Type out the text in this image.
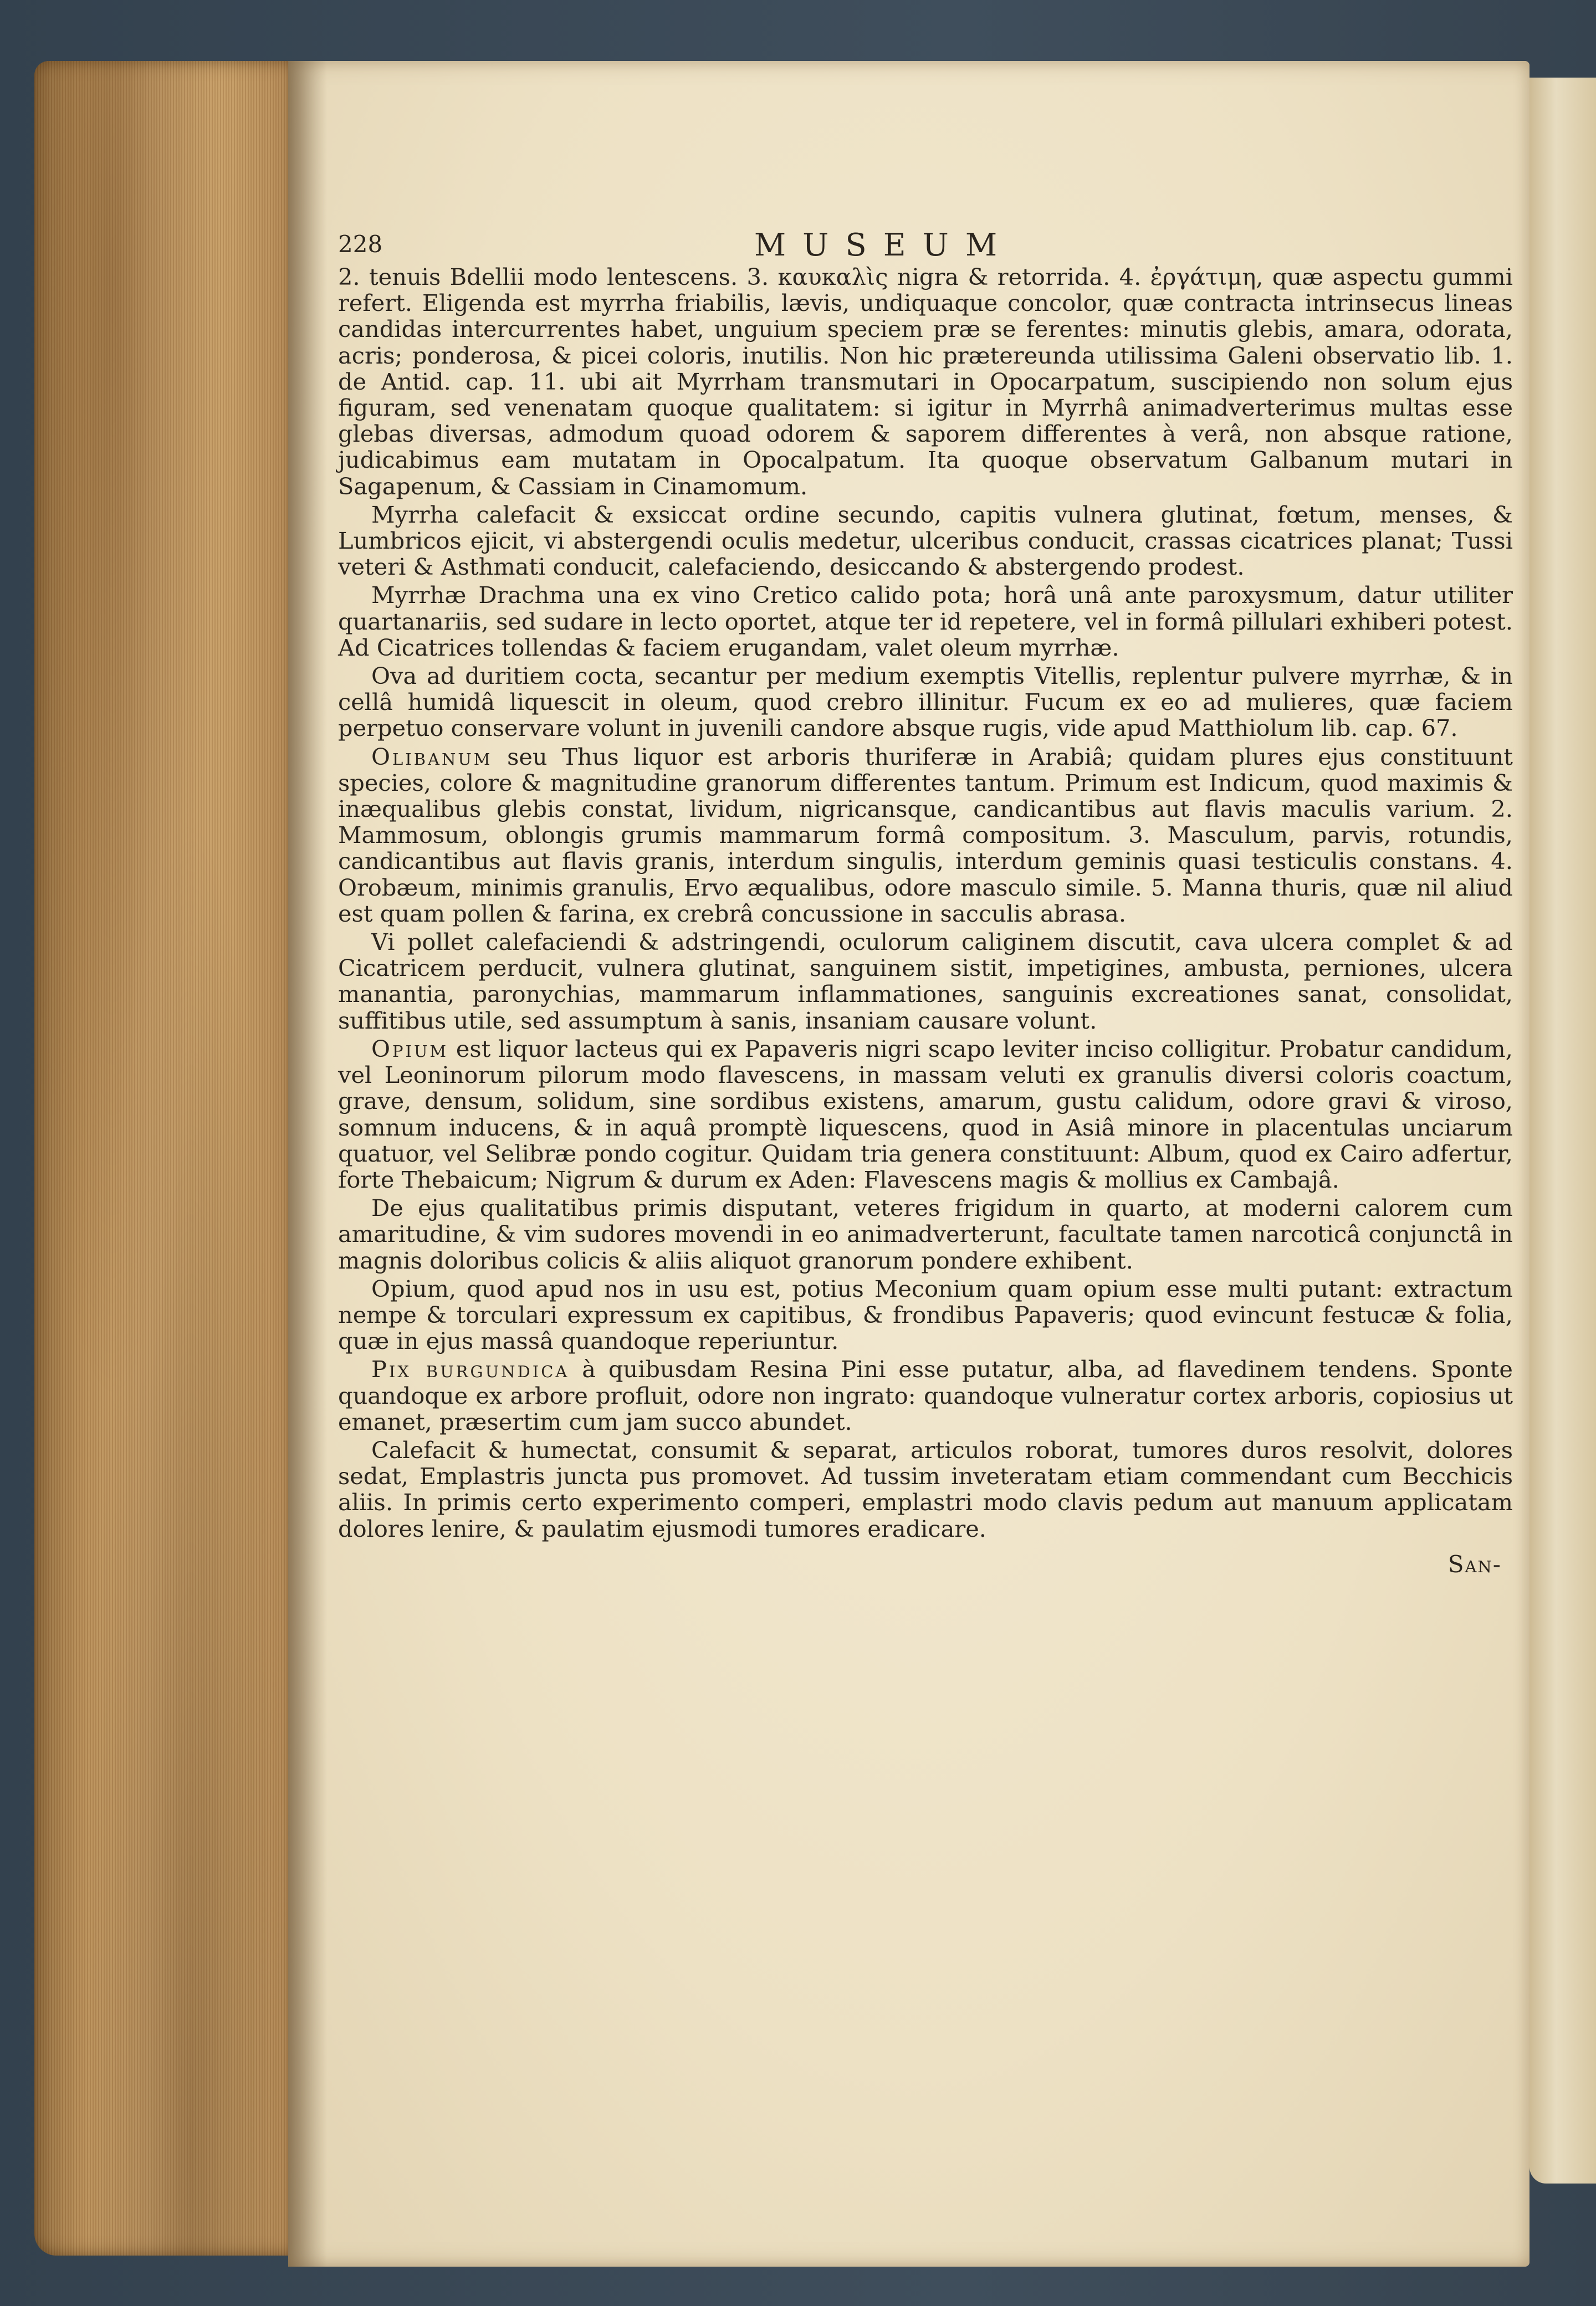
228	MUSEUM

2. tenuis Bdellii modo lentescens. 3. καυκαλὶς nigra & retorrida. 4. ἐργάτιμη, quæ aspectu gummi refert. Eligenda est myrrha friabilis, lævis, undiquaque concolor, quæ contracta intrinsecus lineas candidas intercurrentes habet, unguium speciem præ se ferentes: minutis glebis, amara, odorata, acris; ponderosa, & picei coloris, inutilis. Non hic prætereunda utilissima Galeni observatio lib. 1. de Antid. cap. 11. ubi ait Myrrham transmutari in Opocarpatum, suscipiendo non solum ejus figuram, sed venenatam quoque qualitatem: si igitur in Myrrhâ animadverterimus multas esse glebas diversas, admodum quoad odorem & saporem differentes à verâ, non absque ratione, judicabimus eam mutatam in Opocalpatum. Ita quoque observatum Galbanum mutari in Sagapenum, & Cassiam in Cinamomum.

Myrrha calefacit & exsiccat ordine secundo, capitis vulnera glutinat, fœtum, menses, & Lumbricos ejicit, vi abstergendi oculis medetur, ulceribus conducit, crassas cicatrices planat; Tussi veteri & Asthmati conducit, calefaciendo, desiccando & abstergendo prodest.

Myrrhæ Drachma una ex vino Cretico calido pota; horâ unâ ante paroxysmum, datur utiliter quartanariis, sed sudare in lecto oportet, atque ter id repetere, vel in formâ pillulari exhiberi potest. Ad Cicatrices tollendas & faciem erugandam, valet oleum myrrhæ.

Ova ad duritiem cocta, secantur per medium exemptis Vitellis, replentur pulvere myrrhæ, & in cellâ humidâ liquescit in oleum, quod crebro illinitur. Fucum ex eo ad mulieres, quæ faciem perpetuo conservare volunt in juvenili candore absque rugis, vide apud Matthiolum lib. cap. 67.

Olibanum seu Thus liquor est arboris thuriferæ in Arabiâ; quidam plures ejus constituunt species, colore & magnitudine granorum differentes tantum. Primum est Indicum, quod maximis & inæqualibus glebis constat, lividum, nigricansque, candicantibus aut flavis maculis varium. 2. Mammosum, oblongis grumis mammarum formâ compositum. 3. Masculum, parvis, rotundis, candicantibus aut flavis granis, interdum singulis, interdum geminis quasi testiculis constans. 4. Orobæum, minimis granulis, Ervo æqualibus, odore masculo simile. 5. Manna thuris, quæ nil aliud est quam pollen & farina, ex crebrâ concussione in sacculis abrasa.

Vi pollet calefaciendi & adstringendi, oculorum caliginem discutit, cava ulcera complet & ad Cicatricem perducit, vulnera glutinat, sanguinem sistit, impetigines, ambusta, perniones, ulcera manantia, paronychias, mammarum inflammationes, sanguinis excreationes sanat, consolidat, suffitibus utile, sed assumptum à sanis, insaniam causare volunt.

Opium est liquor lacteus qui ex Papaveris nigri scapo leviter inciso colligitur. Probatur candidum, vel Leoninorum pilorum modo flavescens, in massam veluti ex granulis diversi coloris coactum, grave, densum, solidum, sine sordibus existens, amarum, gustu calidum, odore gravi & viroso, somnum inducens, & in aquâ promptè liquescens, quod in Asiâ minore in placentulas unciarum quatuor, vel Selibræ pondo cogitur. Quidam tria genera constituunt: Album, quod ex Cairo adfertur, forte Thebaicum; Nigrum & durum ex Aden: Flavescens magis & mollius ex Cambajâ.

De ejus qualitatibus primis disputant, veteres frigidum in quarto, at moderni calorem cum amaritudine, & vim sudores movendi in eo animadverterunt, facultate tamen narcoticâ conjunctâ in magnis doloribus colicis & aliis aliquot granorum pondere exhibent.

Opium, quod apud nos in usu est, potius Meconium quam opium esse multi putant: extractum nempe & torculari expressum ex capitibus, & frondibus Papaveris; quod evincunt festucæ & folia, quæ in ejus massâ quandoque reperiuntur.

Pix burgundica à quibusdam Resina Pini esse putatur, alba, ad flavedinem tendens. Sponte quandoque ex arbore profluit, odore non ingrato: quandoque vulneratur cortex arboris, copiosius ut emanet, præsertim cum jam succo abundet.

Calefacit & humectat, consumit & separat, articulos roborat, tumores duros resolvit, dolores sedat, Emplastris juncta pus promovet. Ad tussim inveteratam etiam commendant cum Becchicis aliis. In primis certo experimento comperi, emplastri modo clavis pedum aut manuum applicatam dolores lenire, & paulatim ejusmodi tumores eradicare.

San-
